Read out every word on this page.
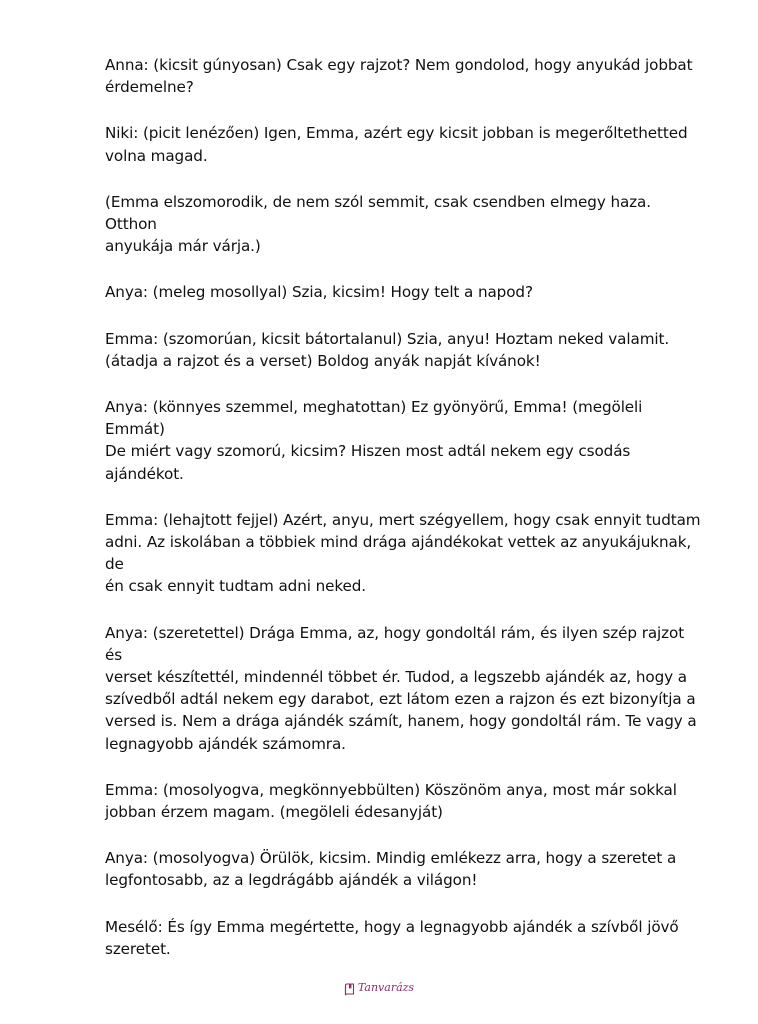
Anna: (kicsit gúnyosan) Csak egy rajzot? Nem gondolod, hogy anyukád jobbat
érdemelne?

Niki: (picit lenézően) Igen, Emma, azért egy kicsit jobban is megerőltethetted
volna magad.

(Emma elszomorodik, de nem szól semmit, csak csendben elmegy haza. Otthon
anyukája már várja.)

Anya: (meleg mosollyal) Szia, kicsim! Hogy telt a napod?

Emma: (szomorúan, kicsit bátortalanul) Szia, anyu! Hoztam neked valamit.
(átadja a rajzot és a verset) Boldog anyák napját kívánok!

Anya: (könnyes szemmel, meghatottan) Ez gyönyörű, Emma! (megöleli Emmát)
De miért vagy szomorú, kicsim? Hiszen most adtál nekem egy csodás ajándékot.

Emma: (lehajtott fejjel) Azért, anyu, mert szégyellem, hogy csak ennyit tudtam
adni. Az iskolában a többiek mind drága ajándékokat vettek az anyukájuknak, de
én csak ennyit tudtam adni neked.

Anya: (szeretettel) Drága Emma, az, hogy gondoltál rám, és ilyen szép rajzot és
verset készítettél, mindennél többet ér. Tudod, a legszebb ajándék az, hogy a
szívedből adtál nekem egy darabot, ezt látom ezen a rajzon és ezt bizonyítja a
versed is. Nem a drága ajándék számít, hanem, hogy gondoltál rám. Te vagy a
legnagyobb ajándék számomra.

Emma: (mosolyogva, megkönnyebbülten) Köszönöm anya, most már sokkal
jobban érzem magam. (megöleli édesanyját)

Anya: (mosolyogva) Örülök, kicsim. Mindig emlékezz arra, hogy a szeretet a
legfontosabb, az a legdrágább ajándék a világon!

Mesélő: És így Emma megértette, hogy a legnagyobb ajándék a szívből jövő
szeretet.

Tanvarázs
